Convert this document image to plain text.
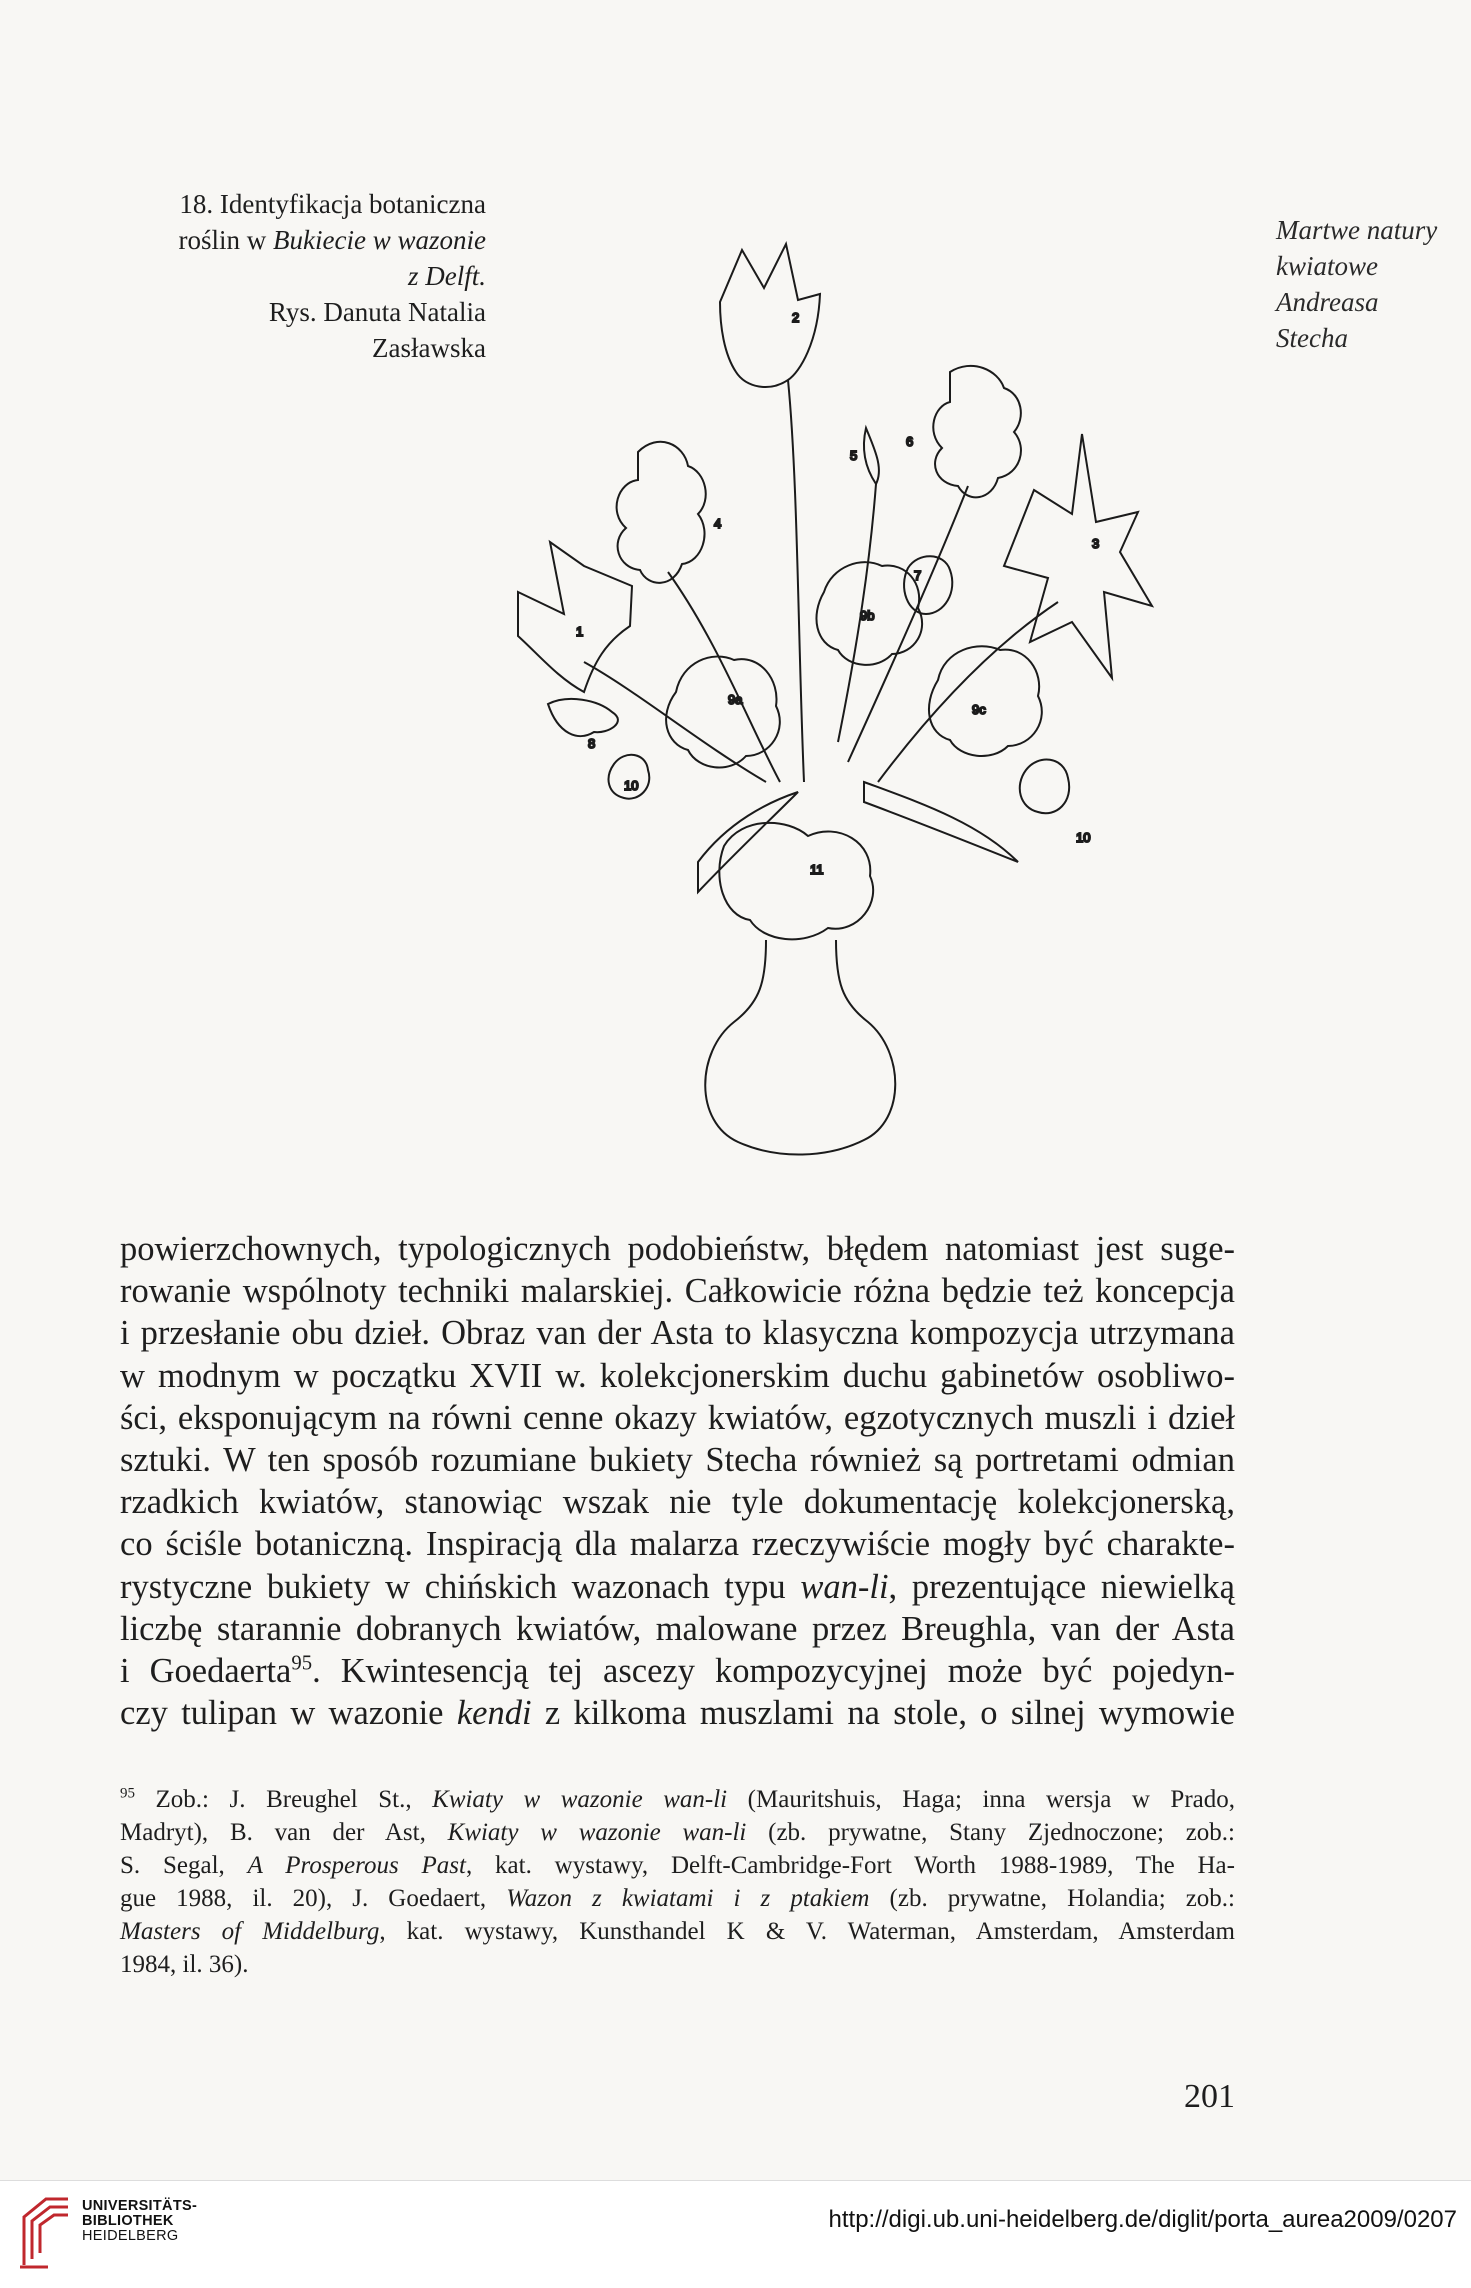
18. Identyfikacja botaniczna
roślin w Bukiecie w wazonie
z Delft.
Rys. Danuta Natalia
Zasławska
Martwe natury
kwiatowe
Andreasa
Stecha
1
2
3
4
5
6
7
8
9a
9b
9c
10
10
11
powierzchownych, typologicznych podobieństw, błędem natomiast jest suge-
rowanie wspólnoty techniki malarskiej. Całkowicie różna będzie też koncepcja
i przesłanie obu dzieł. Obraz van der Asta to klasyczna kompozycja utrzymana
w modnym w początku XVII w. kolekcjonerskim duchu gabinetów osobliwo-
ści, eksponującym na równi cenne okazy kwiatów, egzotycznych muszli i dzieł
sztuki. W ten sposób rozumiane bukiety Stecha również są portretami odmian
rzadkich kwiatów, stanowiąc wszak nie tyle dokumentację kolekcjonerską,
co ściśle botaniczną. Inspiracją dla malarza rzeczywiście mogły być charakte-
rystyczne bukiety w chińskich wazonach typu wan-li, prezentujące niewielką
liczbę starannie dobranych kwiatów, malowane przez Breughla, van der Asta
i Goedaerta$^{95}$. Kwintesencją tej ascezy kompozycyjnej może być pojedyn-
czy tulipan w wazonie kendi z kilkoma muszlami na stole, o silnej wymowie
$^{95}$ Zob.: J. Breughel St., Kwiaty w wazonie wan-li (Mauritshuis, Haga; inna wersja w Prado,
Madryt), B. van der Ast, Kwiaty w wazonie wan-li (zb. prywatne, Stany Zjednoczone; zob.:
S. Segal, A Prosperous Past, kat. wystawy, Delft-Cambridge-Fort Worth 1988-1989, The Ha-
gue 1988, il. 20), J. Goedaert, Wazon z kwiatami i z ptakiem (zb. prywatne, Holandia; zob.:
Masters of Middelburg, kat. wystawy, Kunsthandel K & V. Waterman, Amsterdam, Amsterdam
1984, il. 36).
201
UNIVERSITÄTS-
BIBLIOTHEK
HEIDELBERG
http://digi.ub.uni-heidelberg.de/diglit/porta_aurea2009/0207
